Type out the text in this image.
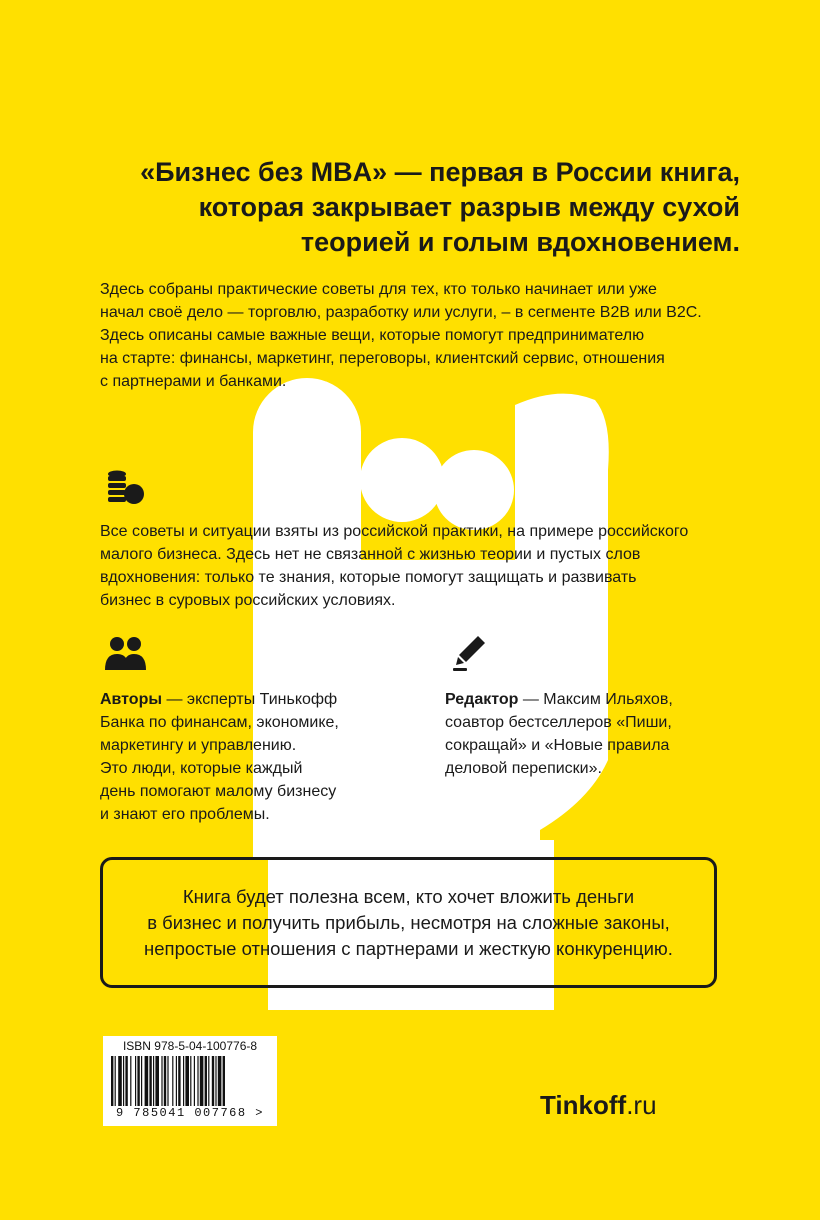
«Бизнес без MBA» — первая в России книга,
которая закрывает разрыв между сухой
теорией и голым вдохновением.
Здесь собраны практические советы для тех, кто только начинает или уже
начал своё дело — торговлю, разработку или услуги, – в сегменте B2B или B2C.
Здесь описаны самые важные вещи, которые помогут предпринимателю
на старте: финансы, маркетинг, переговоры, клиентский сервис, отношения
с партнерами и банками.
Все советы и ситуации взяты из российской практики, на примере российского
малого бизнеса. Здесь нет не связанной с жизнью теории и пустых слов
вдохновения: только те знания, которые помогут защищать и развивать
бизнес в суровых российских условиях.
Авторы — эксперты Тинькофф
Банка по финансам, экономике,
маркетингу и управлению.
Это люди, которые каждый
день помогают малому бизнесу
и знают его проблемы.
Редактор — Максим Ильяхов,
соавтор бестселлеров «Пиши,
сокращай» и «Новые правила
деловой переписки».

Книга будет полезна всем, кто хочет вложить деньги
в бизнес и получить прибыль, несмотря на сложные законы,
непростые отношения с партнерами и жесткую конкуренцию.

ISBN 978-5-04-100776-8
9 785041 007768 >	Tinkoff.ru
